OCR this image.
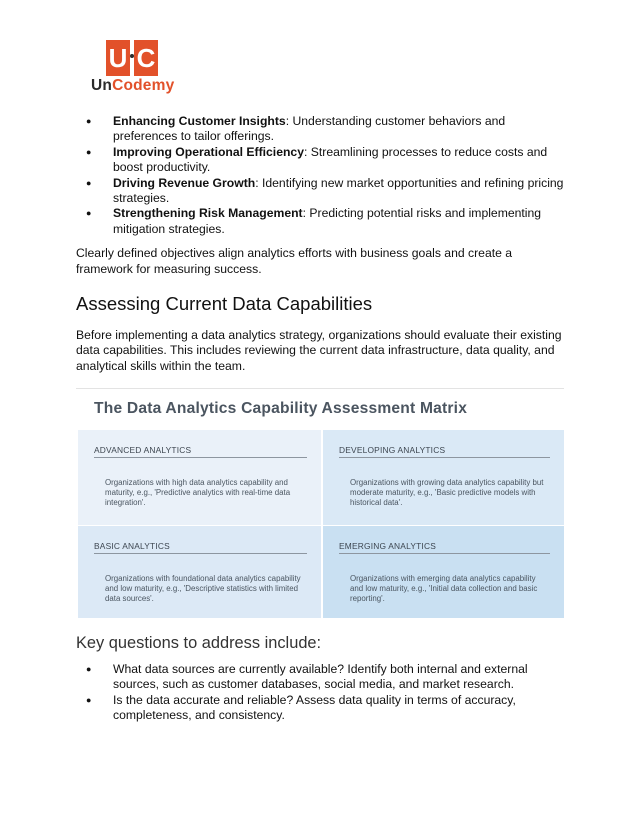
U C
UnCodemy
● Enhancing Customer Insights: Understanding customer behaviors and preferences to tailor offerings.
● Improving Operational Efficiency: Streamlining processes to reduce costs and boost productivity.
● Driving Revenue Growth: Identifying new market opportunities and refining pricing strategies.
● Strengthening Risk Management: Predicting potential risks and implementing mitigation strategies.

Clearly defined objectives align analytics efforts with business goals and create a framework for measuring success.

Assessing Current Data Capabilities

Before implementing a data analytics strategy, organizations should evaluate their existing data capabilities. This includes reviewing the current data infrastructure, data quality, and analytical skills within the team.

The Data Analytics Capability Assessment Matrix
ADVANCED ANALYTICS
Organizations with high data analytics capability and maturity, e.g., 'Predictive analytics with real-time data integration'.
DEVELOPING ANALYTICS
Organizations with growing data analytics capability but moderate maturity, e.g., 'Basic predictive models with historical data'.
BASIC ANALYTICS
Organizations with foundational data analytics capability and low maturity, e.g., 'Descriptive statistics with limited data sources'.
EMERGING ANALYTICS
Organizations with emerging data analytics capability and low maturity, e.g., 'Initial data collection and basic reporting'.
Key questions to address include:
● What data sources are currently available? Identify both internal and external sources, such as customer databases, social media, and market research.
● Is the data accurate and reliable? Assess data quality in terms of accuracy, completeness, and consistency.
